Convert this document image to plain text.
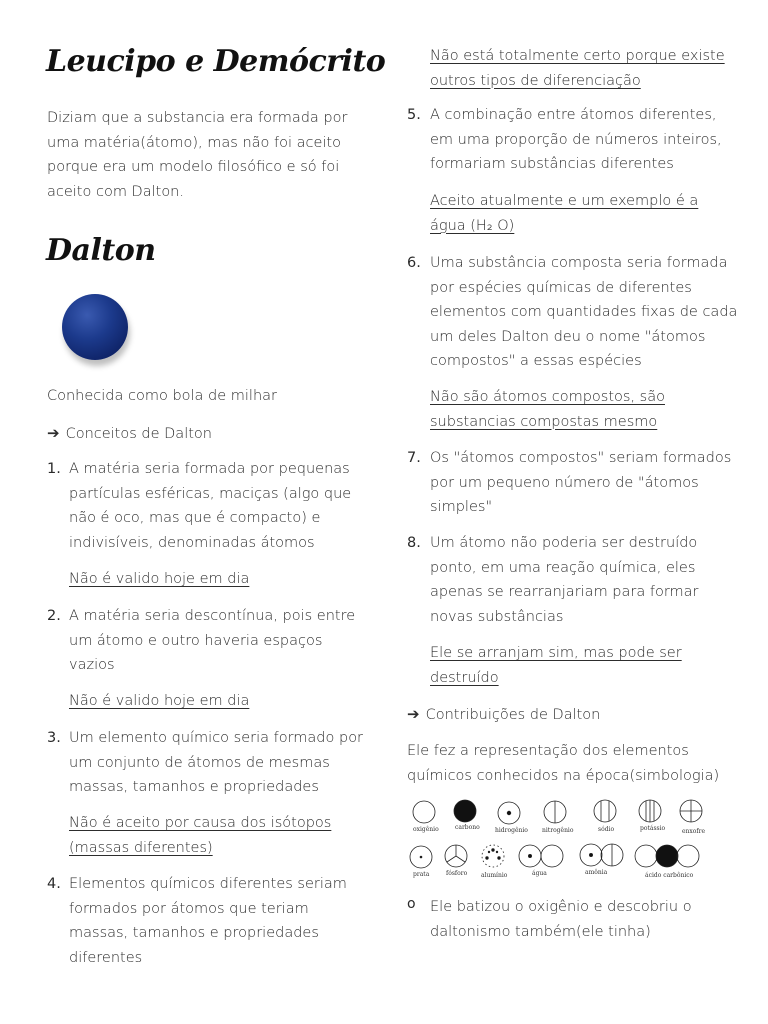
Leucipo e Demócrito
Diziam que a substancia era formada por
uma matéria(átomo), mas não foi aceito
porque era um modelo filosófico e só foi
aceito com Dalton.
Dalton
Conhecida como bola de milhar
➔ Conceitos de Dalton
1. A matéria seria formada por pequenas
partículas esféricas, maciças (algo que
não é oco, mas que é compacto) e
indivisíveis, denominadas átomos
Não é valido hoje em dia
2. A matéria seria descontínua, pois entre
um átomo e outro haveria espaços
vazios
Não é valido hoje em dia
3. Um elemento químico seria formado por
um conjunto de átomos de mesmas
massas, tamanhos e propriedades
Não é aceito por causa dos isótopos
(massas diferentes)
4. Elementos químicos diferentes seriam
formados por átomos que teriam
massas, tamanhos e propriedades
diferentes
Não está totalmente certo porque existe
outros tipos de diferenciação
5. A combinação entre átomos diferentes,
em uma proporção de números inteiros,
formariam substâncias diferentes
Aceito atualmente e um exemplo é a
água (H₂ O)
6. Uma substância composta seria formada
por espécies químicas de diferentes
elementos com quantidades fixas de cada
um deles Dalton deu o nome "átomos
compostos" a essas espécies
Não são átomos compostos, são
substancias compostas mesmo
7. Os "átomos compostos" seriam formados
por um pequeno número de "átomos
simples"
8. Um átomo não poderia ser destruído
ponto, em uma reação química, eles
apenas se rearranjariam para formar
novas substâncias
Ele se arranjam sim, mas pode ser
destruído
➔ Contribuições de Dalton
Ele fez a representação dos elementos
químicos conhecidos na época(simbologia)
oxigênio	carbono	hidrogênio nitrogênio	sódio	potássio	enxofre
prata	fósforo alumínio	água	amônia	ácido carbônico
o Ele batizou o oxigênio e descobriu o
daltonismo também(ele tinha)
